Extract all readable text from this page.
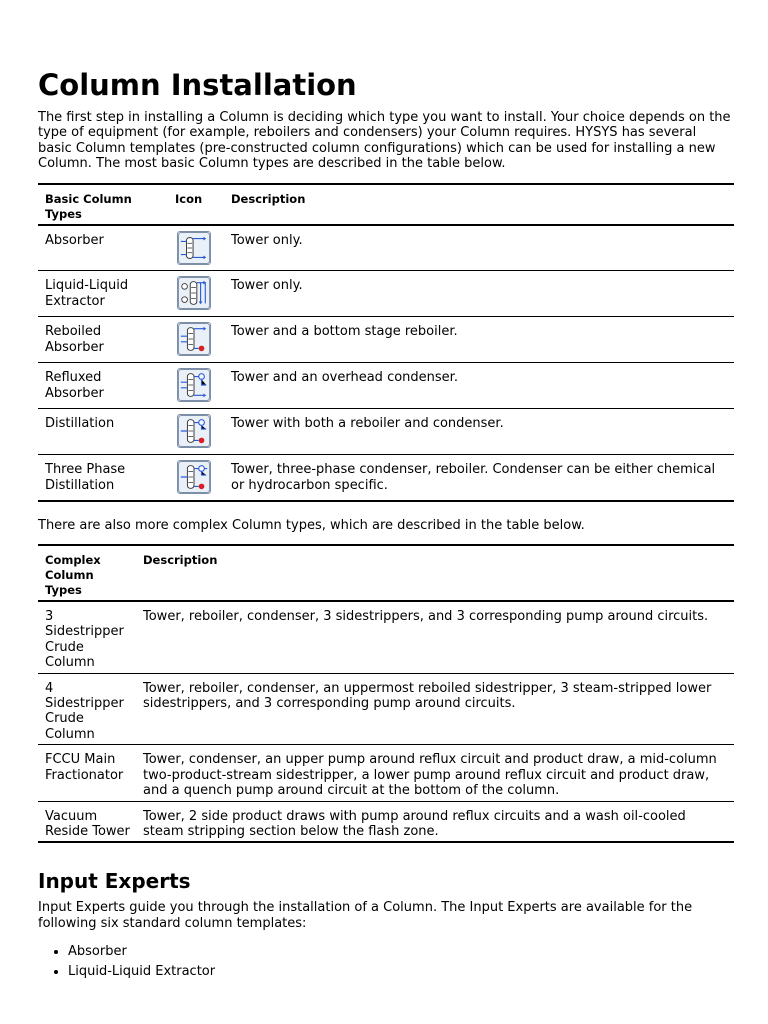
Column Installation

The first step in installing a Column is deciding which type you want to install. Your choice depends on the type of equipment (for example, reboilers and condensers) your Column requires. HYSYS has several basic Column templates (pre-constructed column configurations) which can be used for installing a new Column. The most basic Column types are described in the table below.

Basic Column Types	Icon	Description
Absorber		Tower only.
Liquid-Liquid Extractor		Tower only.
Reboiled Absorber		Tower and a bottom stage reboiler.
Refluxed Absorber		Tower and an overhead condenser.
Distillation		Tower with both a reboiler and condenser.
Three Phase Distillation		Tower, three-phase condenser, reboiler. Condenser can be either chemical or hydrocarbon specific.

There are also more complex Column types, which are described in the table below.

Complex Column Types	Description
3 Sidestripper Crude Column	Tower, reboiler, condenser, 3 sidestrippers, and 3 corresponding pump around circuits.
4 Sidestripper Crude Column	Tower, reboiler, condenser, an uppermost reboiled sidestripper, 3 steam-stripped lower sidestrippers, and 3 corresponding pump around circuits.
FCCU Main Fractionator	Tower, condenser, an upper pump around reflux circuit and product draw, a mid-column two-product-stream sidestripper, a lower pump around reflux circuit and product draw, and a quench pump around circuit at the bottom of the column.
Vacuum Reside Tower	Tower, 2 side product draws with pump around reflux circuits and a wash oil-cooled steam stripping section below the flash zone.
Input Experts

Input Experts guide you through the installation of a Column. The Input Experts are available for the following six standard column templates:

• Absorber
• Liquid-Liquid Extractor
